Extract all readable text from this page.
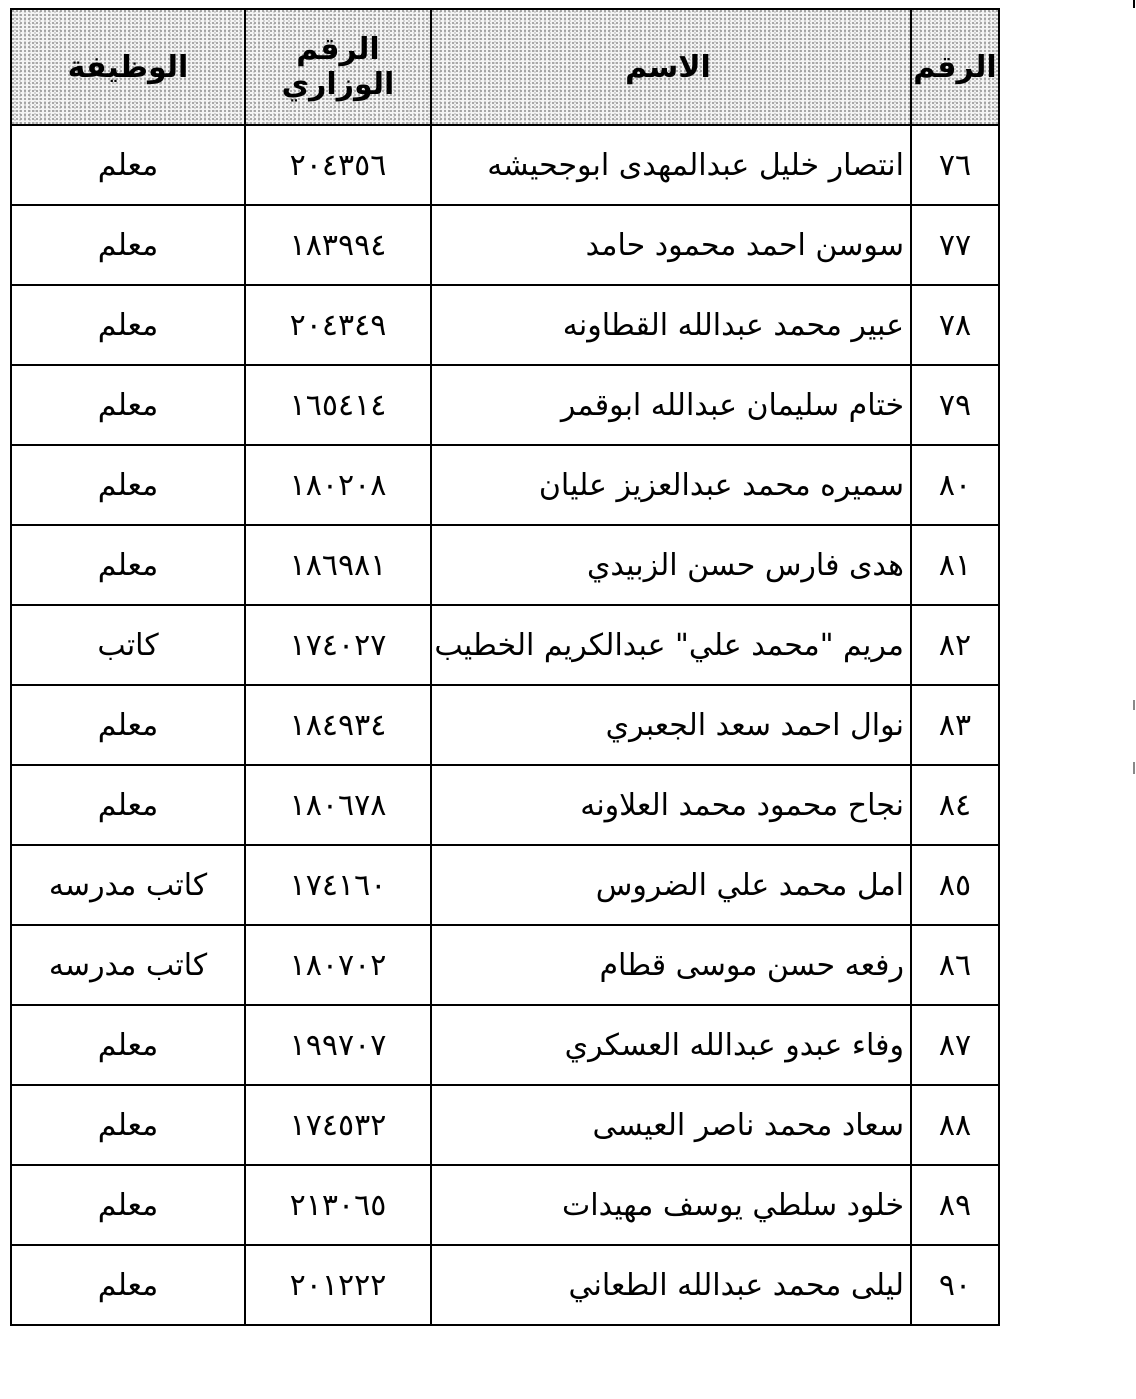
الوظيفة	الرقم الوزاري	الاسم	الرقم
معلم	٢٠٤٣٥٦	انتصار خليل عبدالمهدى ابوجحيشه	٧٦
معلم	١٨٣٩٩٤	سوسن احمد محمود حامد	٧٧
معلم	٢٠٤٣٤٩	عبير محمد عبدالله القطاونه	٧٨
معلم	١٦٥٤١٤	ختام سليمان عبدالله ابوقمر	٧٩
معلم	١٨٠٢٠٨	سميره محمد عبدالعزيز عليان	٨٠
معلم	١٨٦٩٨١	هدى فارس حسن الزبيدي	٨١
كاتب	١٧٤٠٢٧	مريم "محمد علي" عبدالكريم الخطيب	٨٢
معلم	١٨٤٩٣٤	نوال احمد سعد الجعبري	٨٣
معلم	١٨٠٦٧٨	نجاح محمود محمد العلاونه	٨٤
كاتب مدرسه	١٧٤١٦٠	امل محمد علي الضروس	٨٥
كاتب مدرسه	١٨٠٧٠٢	رفعه حسن موسى قطام	٨٦
معلم	١٩٩٧٠٧	وفاء عبدو عبدالله العسكري	٨٧
معلم	١٧٤٥٣٢	سعاد محمد ناصر العيسى	٨٨
معلم	٢١٣٠٦٥	خلود سلطي يوسف مهيدات	٨٩
معلم	٢٠١٢٢٢	ليلى محمد عبدالله الطعاني	٩٠
